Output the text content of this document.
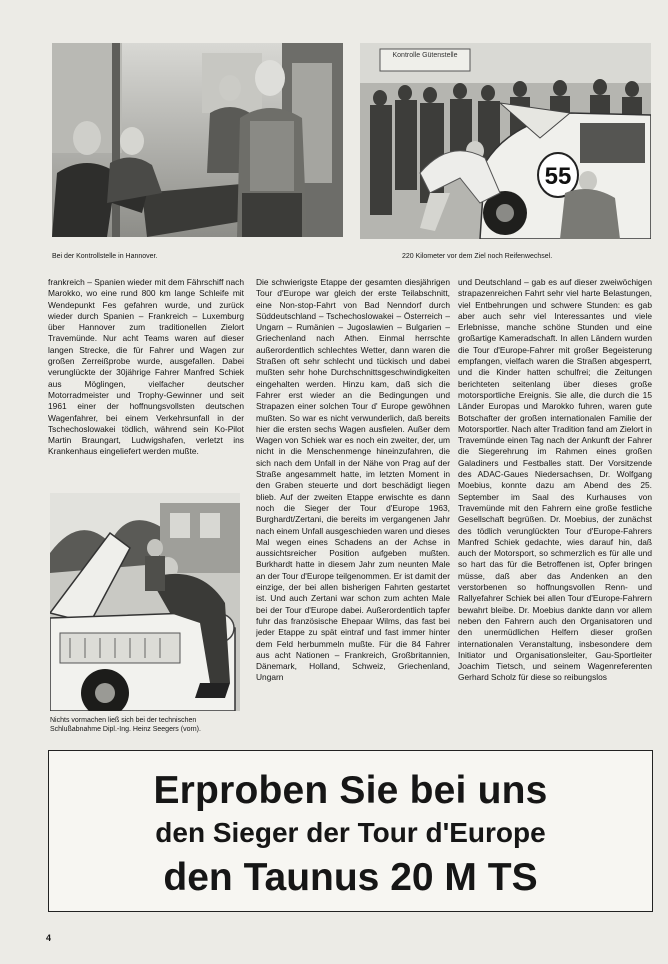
Bei der Kontrollstelle in Hannover.
Kontrolle Gütenstelle
55
220 Kilometer vor dem Ziel noch Reifenwechsel.
Nichts vormachen ließ sich bei der technischen Schlußabnahme Dipl.-Ing. Heinz Seegers (vorn).

frankreich – Spanien wieder mit dem Fährschiff nach Marokko, wo eine rund 800 km lange Schleife mit Wendepunkt Fes gefahren wurde, und zurück wieder durch Spanien – Frankreich – Luxemburg über Hannover zum traditionellen Zielort Travemünde. Nur acht Teams waren auf dieser langen Strecke, die für Fahrer und Wagen zur großen Zerreißprobe wurde, ausgefallen. Dabei verunglückte der 30jährige Fahrer Manfred Schiek aus Möglingen, vielfacher deutscher Motorradmeister und Trophy-Gewinner und seit 1961 einer der hoffnungsvollsten deutschen Wagenfahrer, bei einem Verkehrsunfall in der Tschechoslowakei tödlich, während sein Ko-Pilot Martin Braungart, Ludwigshafen, verletzt ins Krankenhaus eingeliefert werden mußte.

Die schwierigste Etappe der gesamten diesjährigen Tour d'Europe war gleich der erste Teilabschnitt, eine Non-stop-Fahrt von Bad Nenndorf durch Süddeutschland – Tschechoslowakei – Österreich – Ungarn – Rumänien – Jugoslawien – Bulgarien – Griechenland nach Athen. Einmal herrschte außerordentlich schlechtes Wetter, dann waren die Straßen oft sehr schlecht und tückisch und dabei mußten sehr hohe Durchschnittsgeschwindigkeiten eingehalten werden. Hinzu kam, daß sich die Fahrer erst wieder an die Bedingungen und Strapazen einer solchen Tour d' Europe gewöhnen mußten. So war es nicht verwunderlich, daß bereits hier die ersten sechs Wagen ausfielen. Außer dem Wagen von Schiek war es noch ein zweiter, der, um nicht in die Menschenmenge hineinzufahren, die sich nach dem Unfall in der Nähe von Prag auf der Straße angesammelt hatte, im letzten Moment in den Graben steuerte und dort beschädigt liegen blieb. Auf der zweiten Etappe erwischte es dann noch die Sieger der Tour d'Europe 1963, Burghardt/Zertani, die bereits im vergangenen Jahr nach einem Unfall ausgeschieden waren und dieses Mal wegen eines Schadens an der Achse in aussichtsreicher Position aufgeben mußten. Burkhardt hatte in diesem Jahr zum neunten Male an der Tour d'Europe teilgenommen. Er ist damit der einzige, der bei allen bisherigen Fahrten gestartet ist. Und auch Zertani war schon zum achten Male bei der Tour d'Europe dabei. Außerordentlich tapfer fuhr das französische Ehepaar Wilms, das fast bei jeder Etappe zu spät eintraf und fast immer hinter dem Feld herbummeln mußte. Für die 84 Fahrer aus acht Nationen – Frankreich, Großbritannien, Dänemark, Holland, Schweiz, Griechenland, Ungarn

und Deutschland – gab es auf dieser zweiwöchigen strapazenreichen Fahrt sehr viel harte Belastungen, viel Entbehrungen und schwere Stunden: es gab aber auch sehr viel Interessantes und viele Erlebnisse, manche schöne Stunden und eine großartige Kameradschaft. In allen Ländern wurden die Tour d'Europe-Fahrer mit großer Begeisterung empfangen, vielfach waren die Straßen abgesperrt, und die Kinder hatten schulfrei; die Zeitungen berichteten seitenlang über dieses große motorsportliche Ereignis. Sie alle, die durch die 15 Länder Europas und Marokko fuhren, waren gute Botschafter der großen internationalen Familie der Motorsportler. Nach alter Tradition fand am Zielort in Travemünde einen Tag nach der Ankunft der Fahrer die Siegerehrung im Rahmen eines großen Galadiners und Festballes statt. Der Vorsitzende des ADAC-Gaues Niedersachsen, Dr. Wolfgang Moebius, konnte dazu am Abend des 25. September im Saal des Kurhauses von Travemünde mit den Fahrern eine große festliche Gesellschaft begrüßen. Dr. Moebius, der zunächst des tödlich verunglückten Tour d'Europe-Fahrers Manfred Schiek gedachte, wies darauf hin, daß auch der Motorsport, so schmerzlich es für alle und so hart das für die Betroffenen ist, Opfer bringen müsse, daß aber das Andenken an den verstorbenen so hoffnungsvollen Renn- und Rallyefahrer Schiek bei allen Tour d'Europe-Fahrern bewahrt bleibe. Dr. Moebius dankte dann vor allem neben den Fahrern auch den Organisatoren und den unermüdlichen Helfern dieser großen internationalen Veranstaltung, insbesondere dem Initiator und Organisationsleiter, Gau-Sportleiter Joachim Tietsch, und seinem Wagenreferenten Gerhard Scholz für diese so reibungslos

Erproben Sie bei uns
den Sieger der Tour d'Europe
den Taunus 20 M TS
4
